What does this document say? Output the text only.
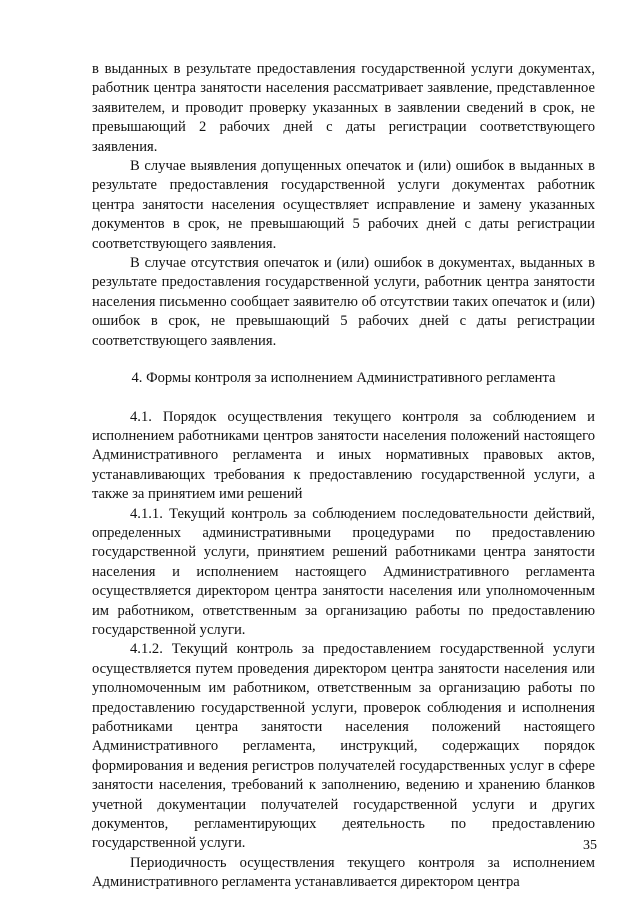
в выданных в результате предоставления государственной услуги документах, работник центра занятости населения рассматривает заявление, представленное заявителем, и проводит проверку указанных в заявлении сведений в срок, не превышающий 2 рабочих дней с даты регистрации соответствующего заявления.

В случае выявления допущенных опечаток и (или) ошибок в выданных в результате предоставления государственной услуги документах работник центра занятости населения осуществляет исправление и замену указанных документов в срок, не превышающий 5 рабочих дней с даты регистрации соответствующего заявления.

В случае отсутствия опечаток и (или) ошибок в документах, выданных в результате предоставления государственной услуги, работник центра занятости населения письменно сообщает заявителю об отсутствии таких опечаток и (или) ошибок в срок, не превышающий 5 рабочих дней с даты регистрации соответствующего заявления.

4. Формы контроля за исполнением Административного регламента

4.1. Порядок осуществления текущего контроля за соблюдением и исполнением работниками центров занятости населения положений настоящего Административного регламента и иных нормативных правовых актов, устанавливающих требования к предоставлению государственной услуги, а также за принятием ими решений

4.1.1. Текущий контроль за соблюдением последовательности действий, определенных административными процедурами по предоставлению государственной услуги, принятием решений работниками центра занятости населения и исполнением настоящего Административного регламента осуществляется директором центра занятости населения или уполномоченным им работником, ответственным за организацию работы по предоставлению государственной услуги.

4.1.2. Текущий контроль за предоставлением государственной услуги осуществляется путем проведения директором центра занятости населения или уполномоченным им работником, ответственным за организацию работы по предоставлению государственной услуги, проверок соблюдения и исполнения работниками центра занятости населения положений настоящего Административного регламента, инструкций, содержащих порядок формирования и ведения регистров получателей государственных услуг в сфере занятости населения, требований к заполнению, ведению и хранению бланков учетной документации получателей государственной услуги и других документов, регламентирующих деятельность по предоставлению государственной услуги.

Периодичность осуществления текущего контроля за исполнением Административного регламента устанавливается директором центра

35
